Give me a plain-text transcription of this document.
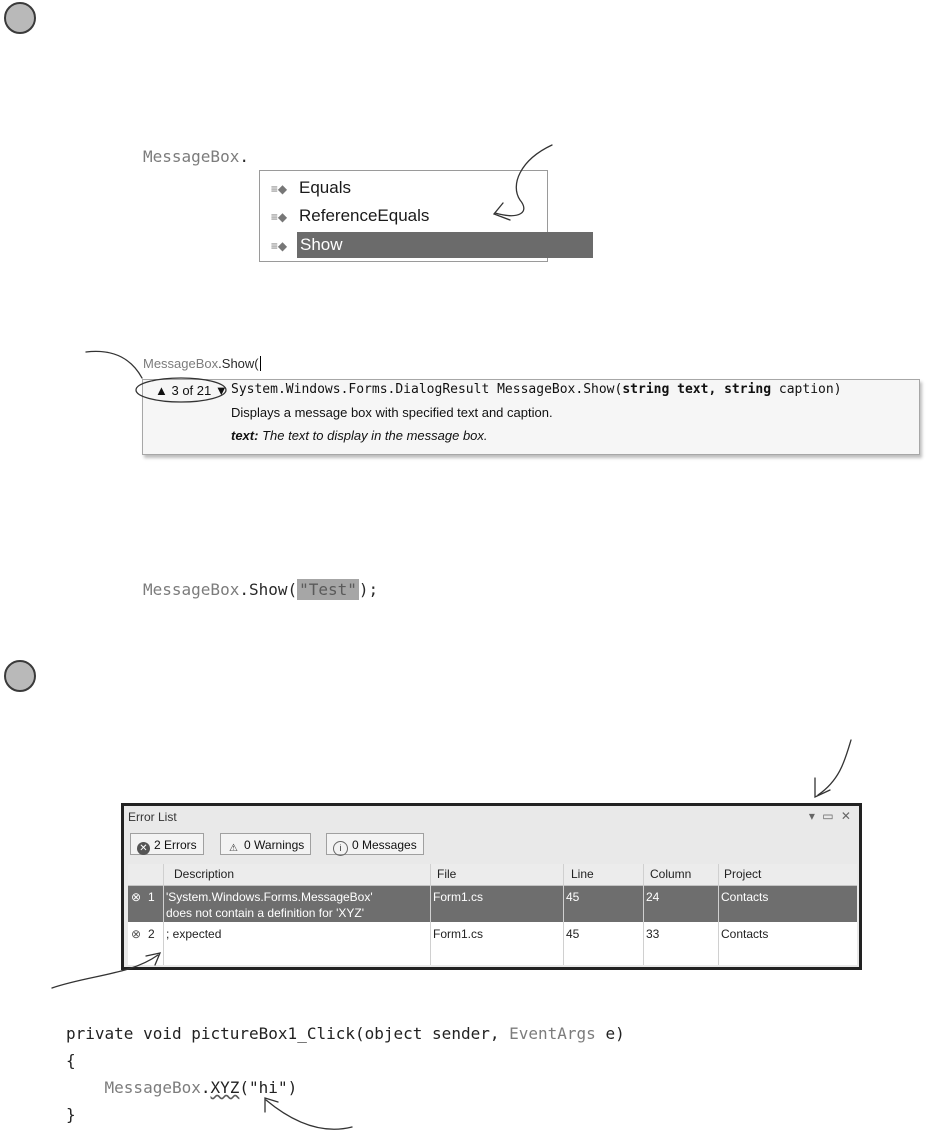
MessageBox.
≡◆ Equals
≡◆ ReferenceEquals
≡◆ Show
MessageBox.Show(
▲ 3 of 21 ▼ System.Windows.Forms.DialogResult MessageBox.Show(string text, string caption)
Displays a message box with specified text and caption.
text: The text to display in the message box.
MessageBox.Show( "Test" );
Error List	▾ ▭ ✕
✕ 2 Errors	⚠ 0 Warnings	i 0 Messages
Description	File	Line	Column	Project
⊗ 1 'System.Windows.Forms.MessageBox'
does not contain a definition for 'XYZ'
Form1.cs	45	24	Contacts
⊗ 2 ; expected	Form1.cs	45	33	Contacts
private void pictureBox1_Click(object sender, EventArgs e)
{
MessageBox.XYZ("hi")
}
